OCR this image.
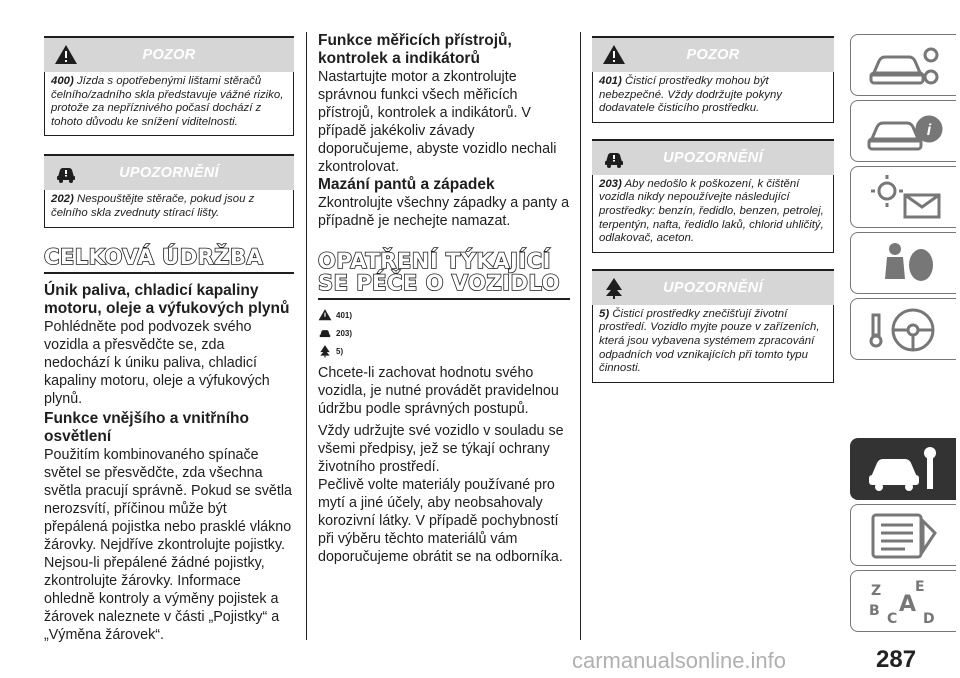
POZOR
400) Jízda s opotřebenými lištami stěračů čelního/zadního skla představuje vážné riziko, protože za nepříznivého počasí dochází z tohoto důvodu ke snížení viditelnosti.
UPOZORNĚNÍ
202) Nespouštějte stěrače, pokud jsou z čelního skla zvednuty stírací lišty.
CELKOVÁ ÚDRŽBA
Únik paliva, chladicí kapaliny motoru, oleje a výfukových plynů

Pohlédněte pod podvozek svého vozidla a přesvědčte se, zda nedochází k úniku paliva, chladicí kapaliny motoru, oleje a výfukových plynů.

Funkce vnějšího a vnitřního osvětlení

Použitím kombinovaného spínače světel se přesvědčte, zda všechna světla pracují správně. Pokud se světla nerozsvítí, příčinou může být přepálená pojistka nebo prasklé vlákno žárovky. Nejdříve zkontrolujte pojistky. Nejsou-li přepálené žádné pojistky, zkontrolujte žárovky. Informace ohledně kontroly a výměny pojistek a žárovek naleznete v části „Pojistky“ a „Výměna žárovek“.

Funkce měřicích přístrojů, kontrolek a indikátorů

Nastartujte motor a zkontrolujte správnou funkci všech měřicích přístrojů, kontrolek a indikátorů. V případě jakékoliv závady doporučujeme, abyste vozidlo nechali zkontrolovat.

Mazání pantů a západek

Zkontrolujte všechny západky a panty a případně je nechejte namazat.

OPATŘENÍ TÝKAJÍCÍ
SE PÉČE O VOZIDLO
401)
203)
5)

Chcete-li zachovat hodnotu svého vozidla, je nutné provádět pravidelnou údržbu podle správných postupů.

Vždy udržujte své vozidlo v souladu se všemi předpisy, jež se týkají ochrany životního prostředí.

Pečlivě volte materiály používané pro mytí a jiné účely, aby neobsahovaly korozivní látky. V případě pochybností při výběru těchto materiálů vám doporučujeme obrátit se na odborníka.

POZOR
401) Čisticí prostředky mohou být nebezpečné. Vždy dodržujte pokyny dodavatele čisticího prostředku.
UPOZORNĚNÍ
203) Aby nedošlo k poškození, k čištění vozidla nikdy nepoužívejte následující prostředky: benzín, ředidlo, benzen, petrolej, terpentýn, nafta, ředidlo laků, chlorid uhličitý, odlakovač, aceton.
UPOZORNĚNÍ
5) Čisticí prostředky znečišťují životní prostředí. Vozidlo myjte pouze v zařízeních, která jsou vybavena systémem zpracování odpadních vod vznikajících při tomto typu činnosti.
i
Z E
B C D
A
carmanualsonline.info	287
